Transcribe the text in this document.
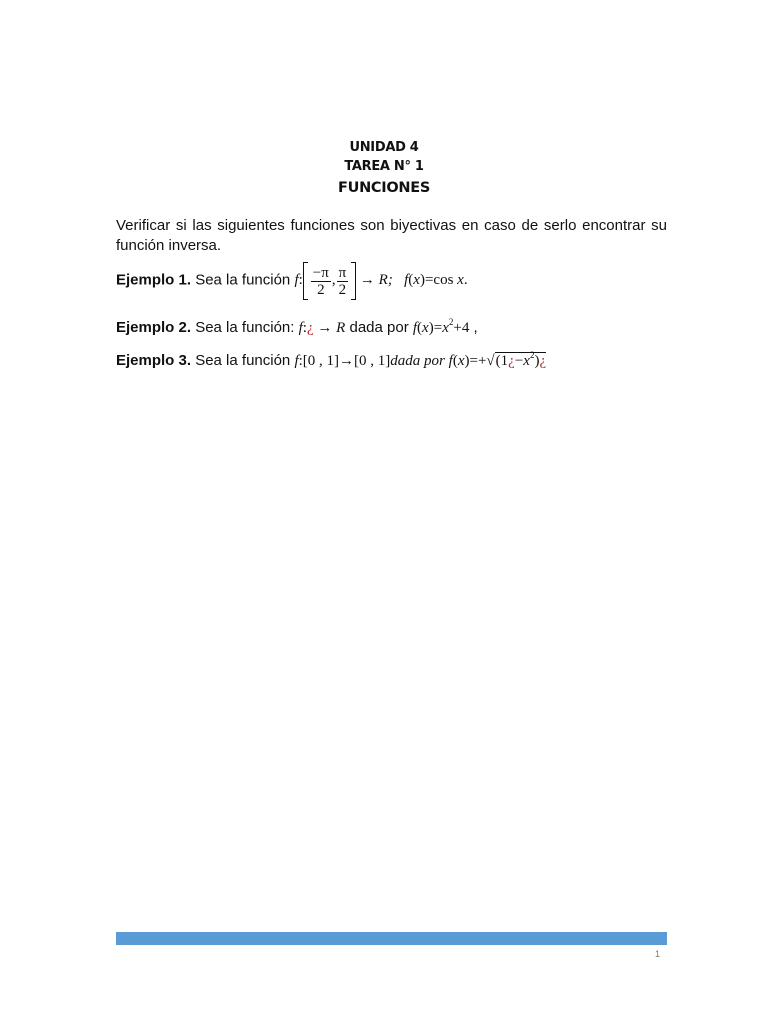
UNIDAD 4
TAREA N° 1
FUNCIONES
Verificar si las siguientes funciones son biyectivas en caso de serlo encontrar su función inversa.
Ejemplo 1. Sea la función f: $\frac{-\pi}{2}$ , $\frac{\pi}{2} \to R$; f(x)=cos x.
Ejemplo 2. Sea la función: f:¿ → R dada por $f(x)=x^2+4$ ,
Ejemplo 3. Sea la función f:[0 , 1]→[0 , 1]dada por $f(x)=+√(1¿-x^2)¿$
1
